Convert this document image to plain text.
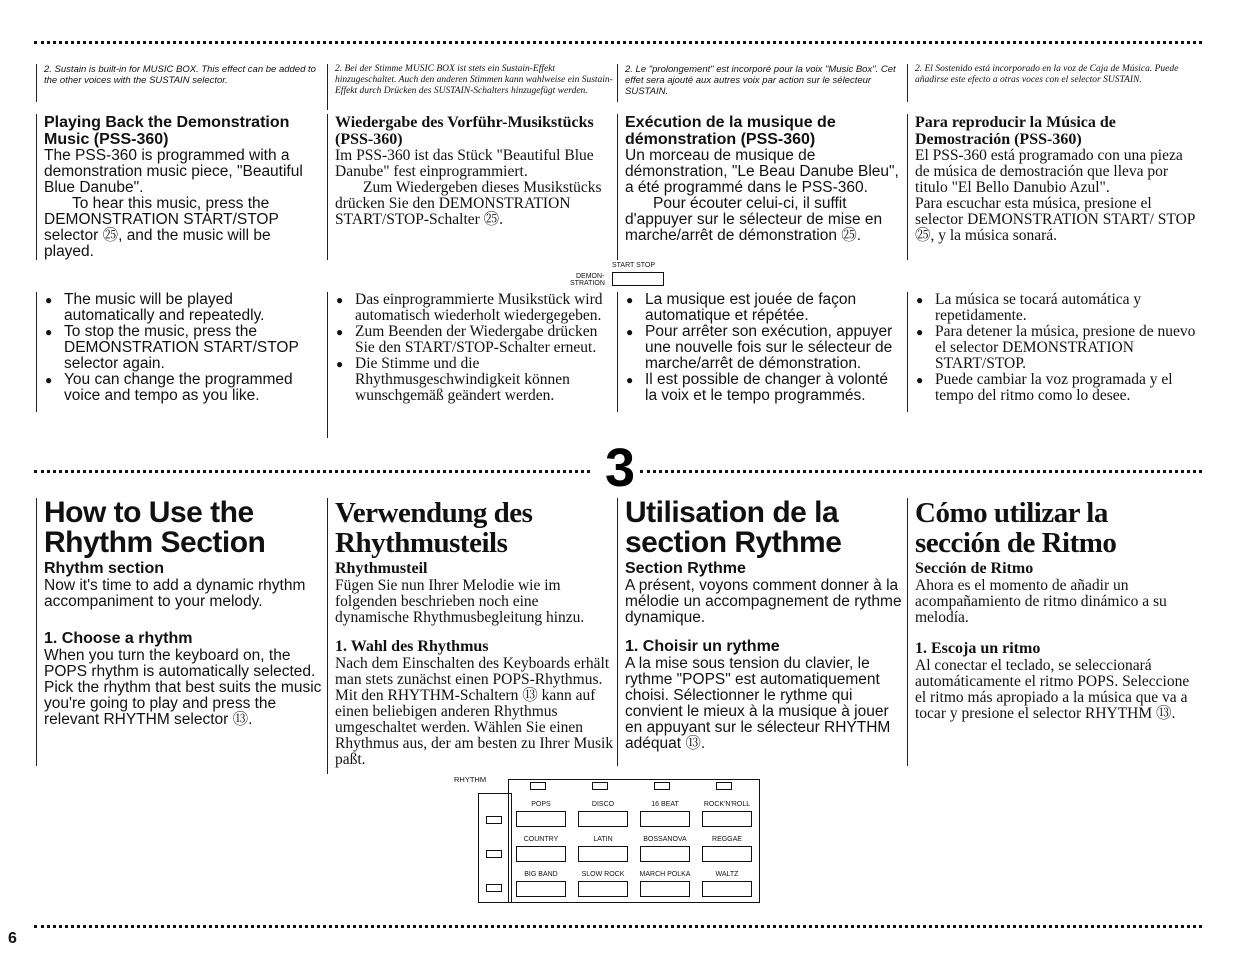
2. Sustain is built-in for MUSIC BOX. This effect can be added to the other voices with the SUSTAIN selector.

2. Bei der Stimme MUSIC BOX ist stets ein Sustain-Effekt hinzugeschaltet. Auch den anderen Stimmen kann wahlweise ein Sustain-Effekt durch Drücken des SUSTAIN-Schalters hinzugefügt werden.

2. Le "prolongement" est incorporé pour la voix "Music Box". Cet effet sera ajouté aux autres voix par action sur le sélecteur SUSTAIN.

2. El Sostenido está incorporado en la voz de Caja de Música. Puede añadirse este efecto a otras voces con el selector SUSTAIN.

Playing Back the Demonstration Music (PSS-360)

The PSS-360 is programmed with a demonstration music piece, "Beautiful Blue Danube".

To hear this music, press the DEMONSTRATION START/STOP selector ㉕, and the music will be played.

Wiedergabe des Vorführ-Musikstücks (PSS-360)

Im PSS-360 ist das Stück "Beautiful Blue Danube" fest einprogrammiert.

Zum Wiedergeben dieses Musikstücks drücken Sie den DEMONSTRATION START/STOP-Schalter ㉕.

Exécution de la musique de démonstration (PSS-360)

Un morceau de musique de démonstration, "Le Beau Danube Bleu", a été programmé dans le PSS-360.

Pour écouter celui-ci, il suffit d'appuyer sur le sélecteur de mise en marche/arrêt de démonstration ㉕.

Para reproducir la Música de Demostración (PSS-360)

El PSS-360 está programado con una pieza de música de demostración que lleva por titulo "El Bello Danubio Azul".

Para escuchar esta música, presione el selector DEMONSTRATION START/ STOP ㉕, y la música sonará.

START STOP
DEMON-
STRATION
● The music will be played automatically and repeatedly.
● To stop the music, press the DEMONSTRATION START/STOP selector again.
● You can change the programmed voice and tempo as you like.
● Das einprogrammierte Musikstück wird automatisch wiederholt wiedergegeben.
● Zum Beenden der Wiedergabe drücken Sie den START/STOP-Schalter erneut.
● Die Stimme und die Rhythmusgeschwindigkeit können wunschgemäß geändert werden.
● La musique est jouée de façon automatique et répétée.
● Pour arrêter son exécution, appuyer une nouvelle fois sur le sélecteur de marche/arrêt de démonstration.
● Il est possible de changer à volonté la voix et le tempo programmés.
● La música se tocará automática y repetidamente.
● Para detener la música, presione de nuevo el selector DEMONSTRATION START/STOP.
● Puede cambiar la voz programada y el tempo del ritmo como lo desee.
3

How to Use the

Rhythm Section

Rhythm section

Now it's time to add a dynamic rhythm accompaniment to your melody.

1. Choose a rhythm

When you turn the keyboard on, the POPS rhythm is automatically selected. Pick the rhythm that best suits the music you're going to play and press the relevant RHYTHM selector ⑬.

Verwendung des

Rhythmusteils

Rhythmusteil

Fügen Sie nun Ihrer Melodie wie im folgenden beschrieben noch eine dynamische Rhythmusbegleitung hinzu.

1. Wahl des Rhythmus

Nach dem Einschalten des Keyboards erhält man stets zunächst einen POPS-Rhythmus. Mit den RHYTHM-Schaltern ⑬ kann auf einen beliebigen anderen Rhythmus umgeschaltet werden. Wählen Sie einen Rhythmus aus, der am besten zu Ihrer Musik paßt.

Utilisation de la

section Rythme

Section Rythme

A présent, voyons comment donner à la mélodie un accompagnement de rythme dynamique.

1. Choisir un rythme

A la mise sous tension du clavier, le rythme "POPS" est automatiquement choisi. Sélectionner le rythme qui convient le mieux à la musique à jouer en appuyant sur le sélecteur RHYTHM adéquat ⑬.

Cómo utilizar la

sección de Ritmo

Sección de Ritmo

Ahora es el momento de añadir un acompañamiento de ritmo dinámico a su melodía.

1. Escoja un ritmo

Al conectar el teclado, se seleccionará automáticamente el ritmo POPS. Seleccione el ritmo más apropiado a la música que va a tocar y presione el selector RHYTHM ⑬.

RHYTHM
POPS	DISCO	16 BEAT	ROCK'N'ROLL
COUNTRY	LATIN	BOSSANOVA	REGGAE
BIG BAND	SLOW ROCK	MARCH POLKA	WALTZ
6
